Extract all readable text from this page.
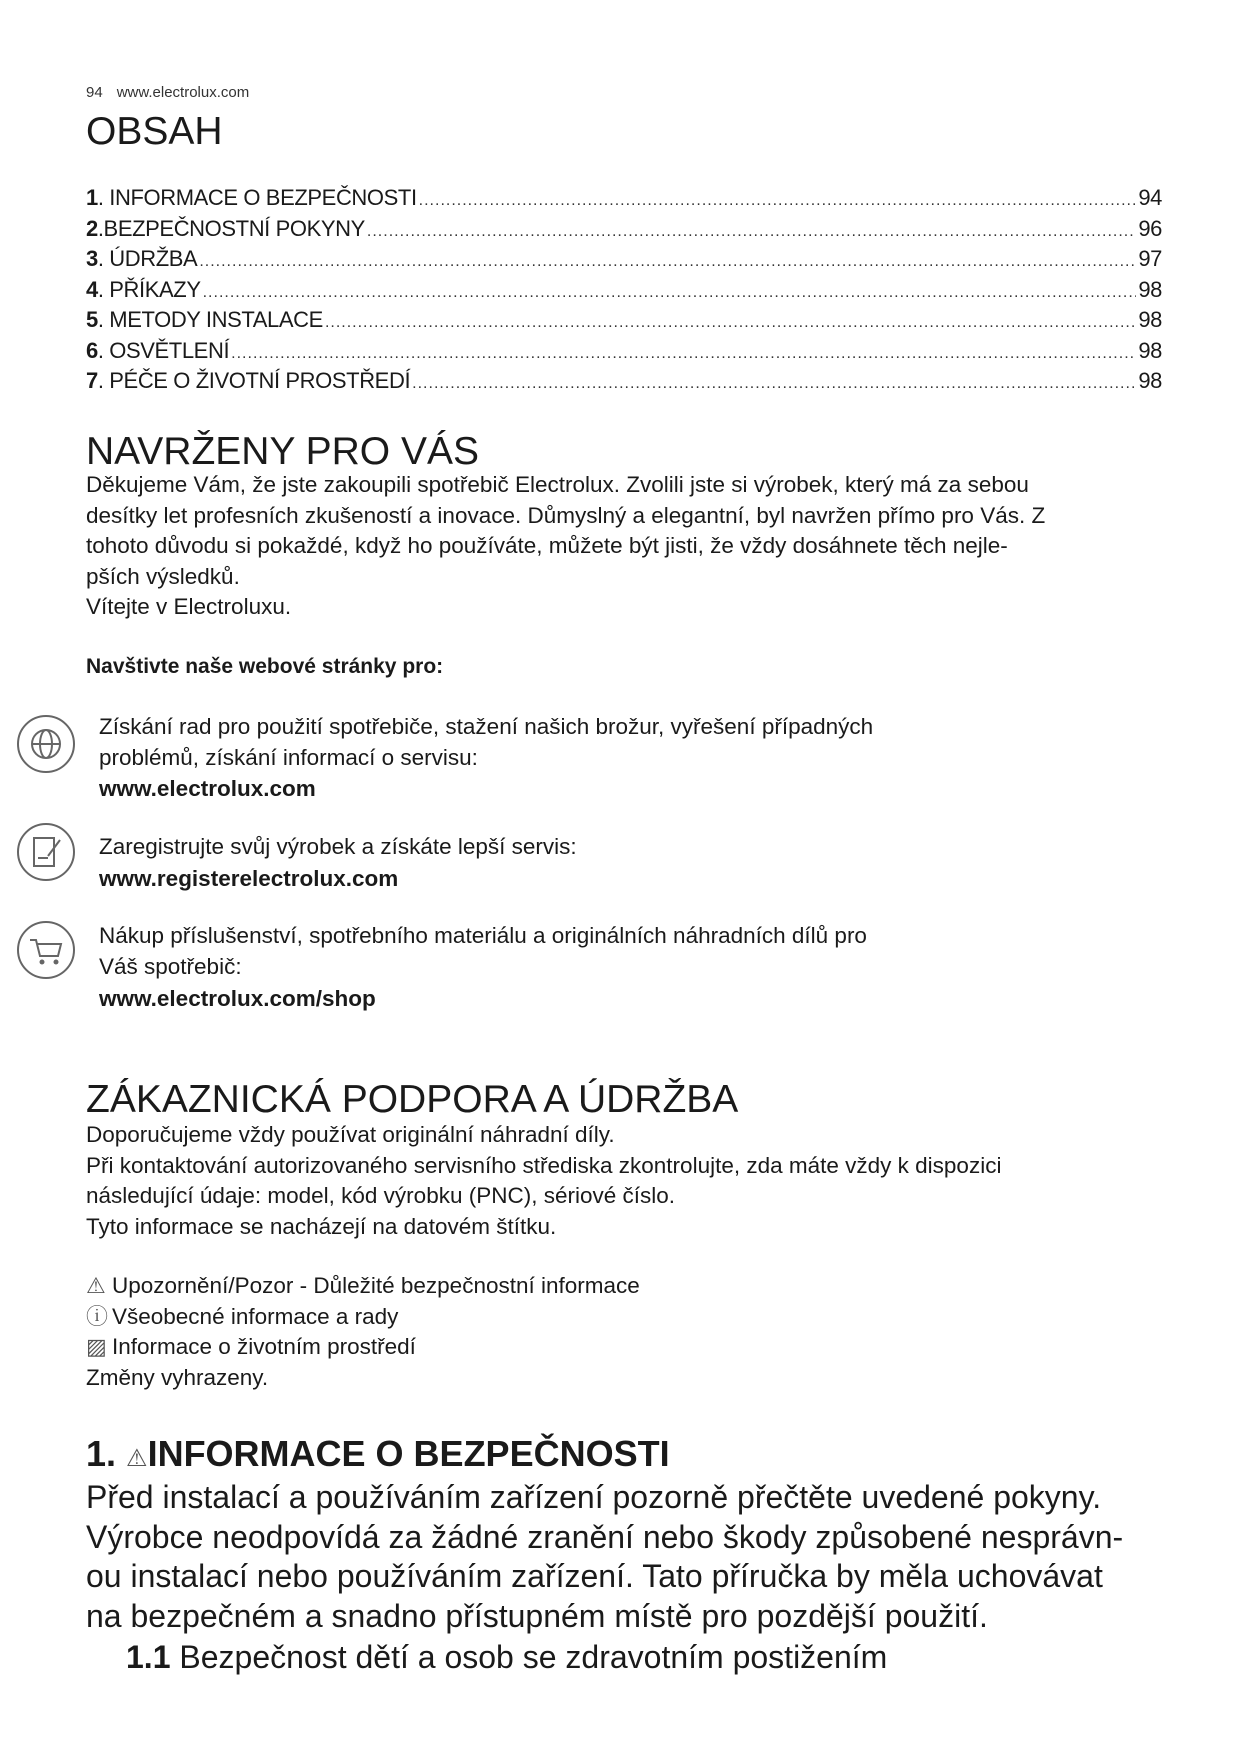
94 www.electrolux.com
OBSAH
1 . INFORMACE O BEZPEČNOSTI .....	94
2 .BEZPEČNOSTNÍ POKYNY .....	96
3 . ÚDRŽBA .....	97
4 . PŘÍKAZY .....	98
5 . METODY INSTALACE .....	98
6 . OSVĚTLENÍ .....	98
7 . PÉČE O ŽIVOTNÍ PROSTŘEDÍ .....	98
NAVRŽENY PRO VÁS
Děkujeme Vám, že jste zakoupili spotřebič Electrolux. Zvolili jste si výrobek, který má za sebou
desítky let profesních zkušeností a inovace. Důmyslný a elegantní, byl navržen přímo pro Vás. Z
tohoto důvodu si pokaždé, když ho používáte, můžete být jisti, že vždy dosáhnete těch nejle-
pších výsledků.
Vítejte v Electroluxu.
Navštivte naše webové stránky pro:
Získání rad pro použití spotřebiče, stažení našich brožur, vyřešení případných
problémů, získání informací o servisu:
www.electrolux.com
Zaregistrujte svůj výrobek a získáte lepší servis:
www.registerelectrolux.com
Nákup příslušenství, spotřebního materiálu a originálních náhradních dílů pro
Váš spotřebič:
www.electrolux.com/shop
ZÁKAZNICKÁ PODPORA A ÚDRŽBA
Doporučujeme vždy používat originální náhradní díly.
Při kontaktování autorizovaného servisního střediska zkontrolujte, zda máte vždy k dispozici
následující údaje: model, kód výrobku (PNC), sériové číslo.
Tyto informace se nacházejí na datovém štítku.
⚠ Upozornění/Pozor - Důležité bezpečnostní informace
ⓘ Všeobecné informace a rady
▨ Informace o životním prostředí
Změny vyhrazeny.
1. ⚠INFORMACE O BEZPEČNOSTI
Před instalací a používáním zařízení pozorně přečtěte uvedené pokyny.
Výrobce neodpovídá za žádné zranění nebo škody způsobené nesprávn-
ou instalací nebo používáním zařízení. Tato příručka by měla uchovávat
na bezpečném a snadno přístupném místě pro pozdější použití.
1.1 Bezpečnost dětí a osob se zdravotním postižením
